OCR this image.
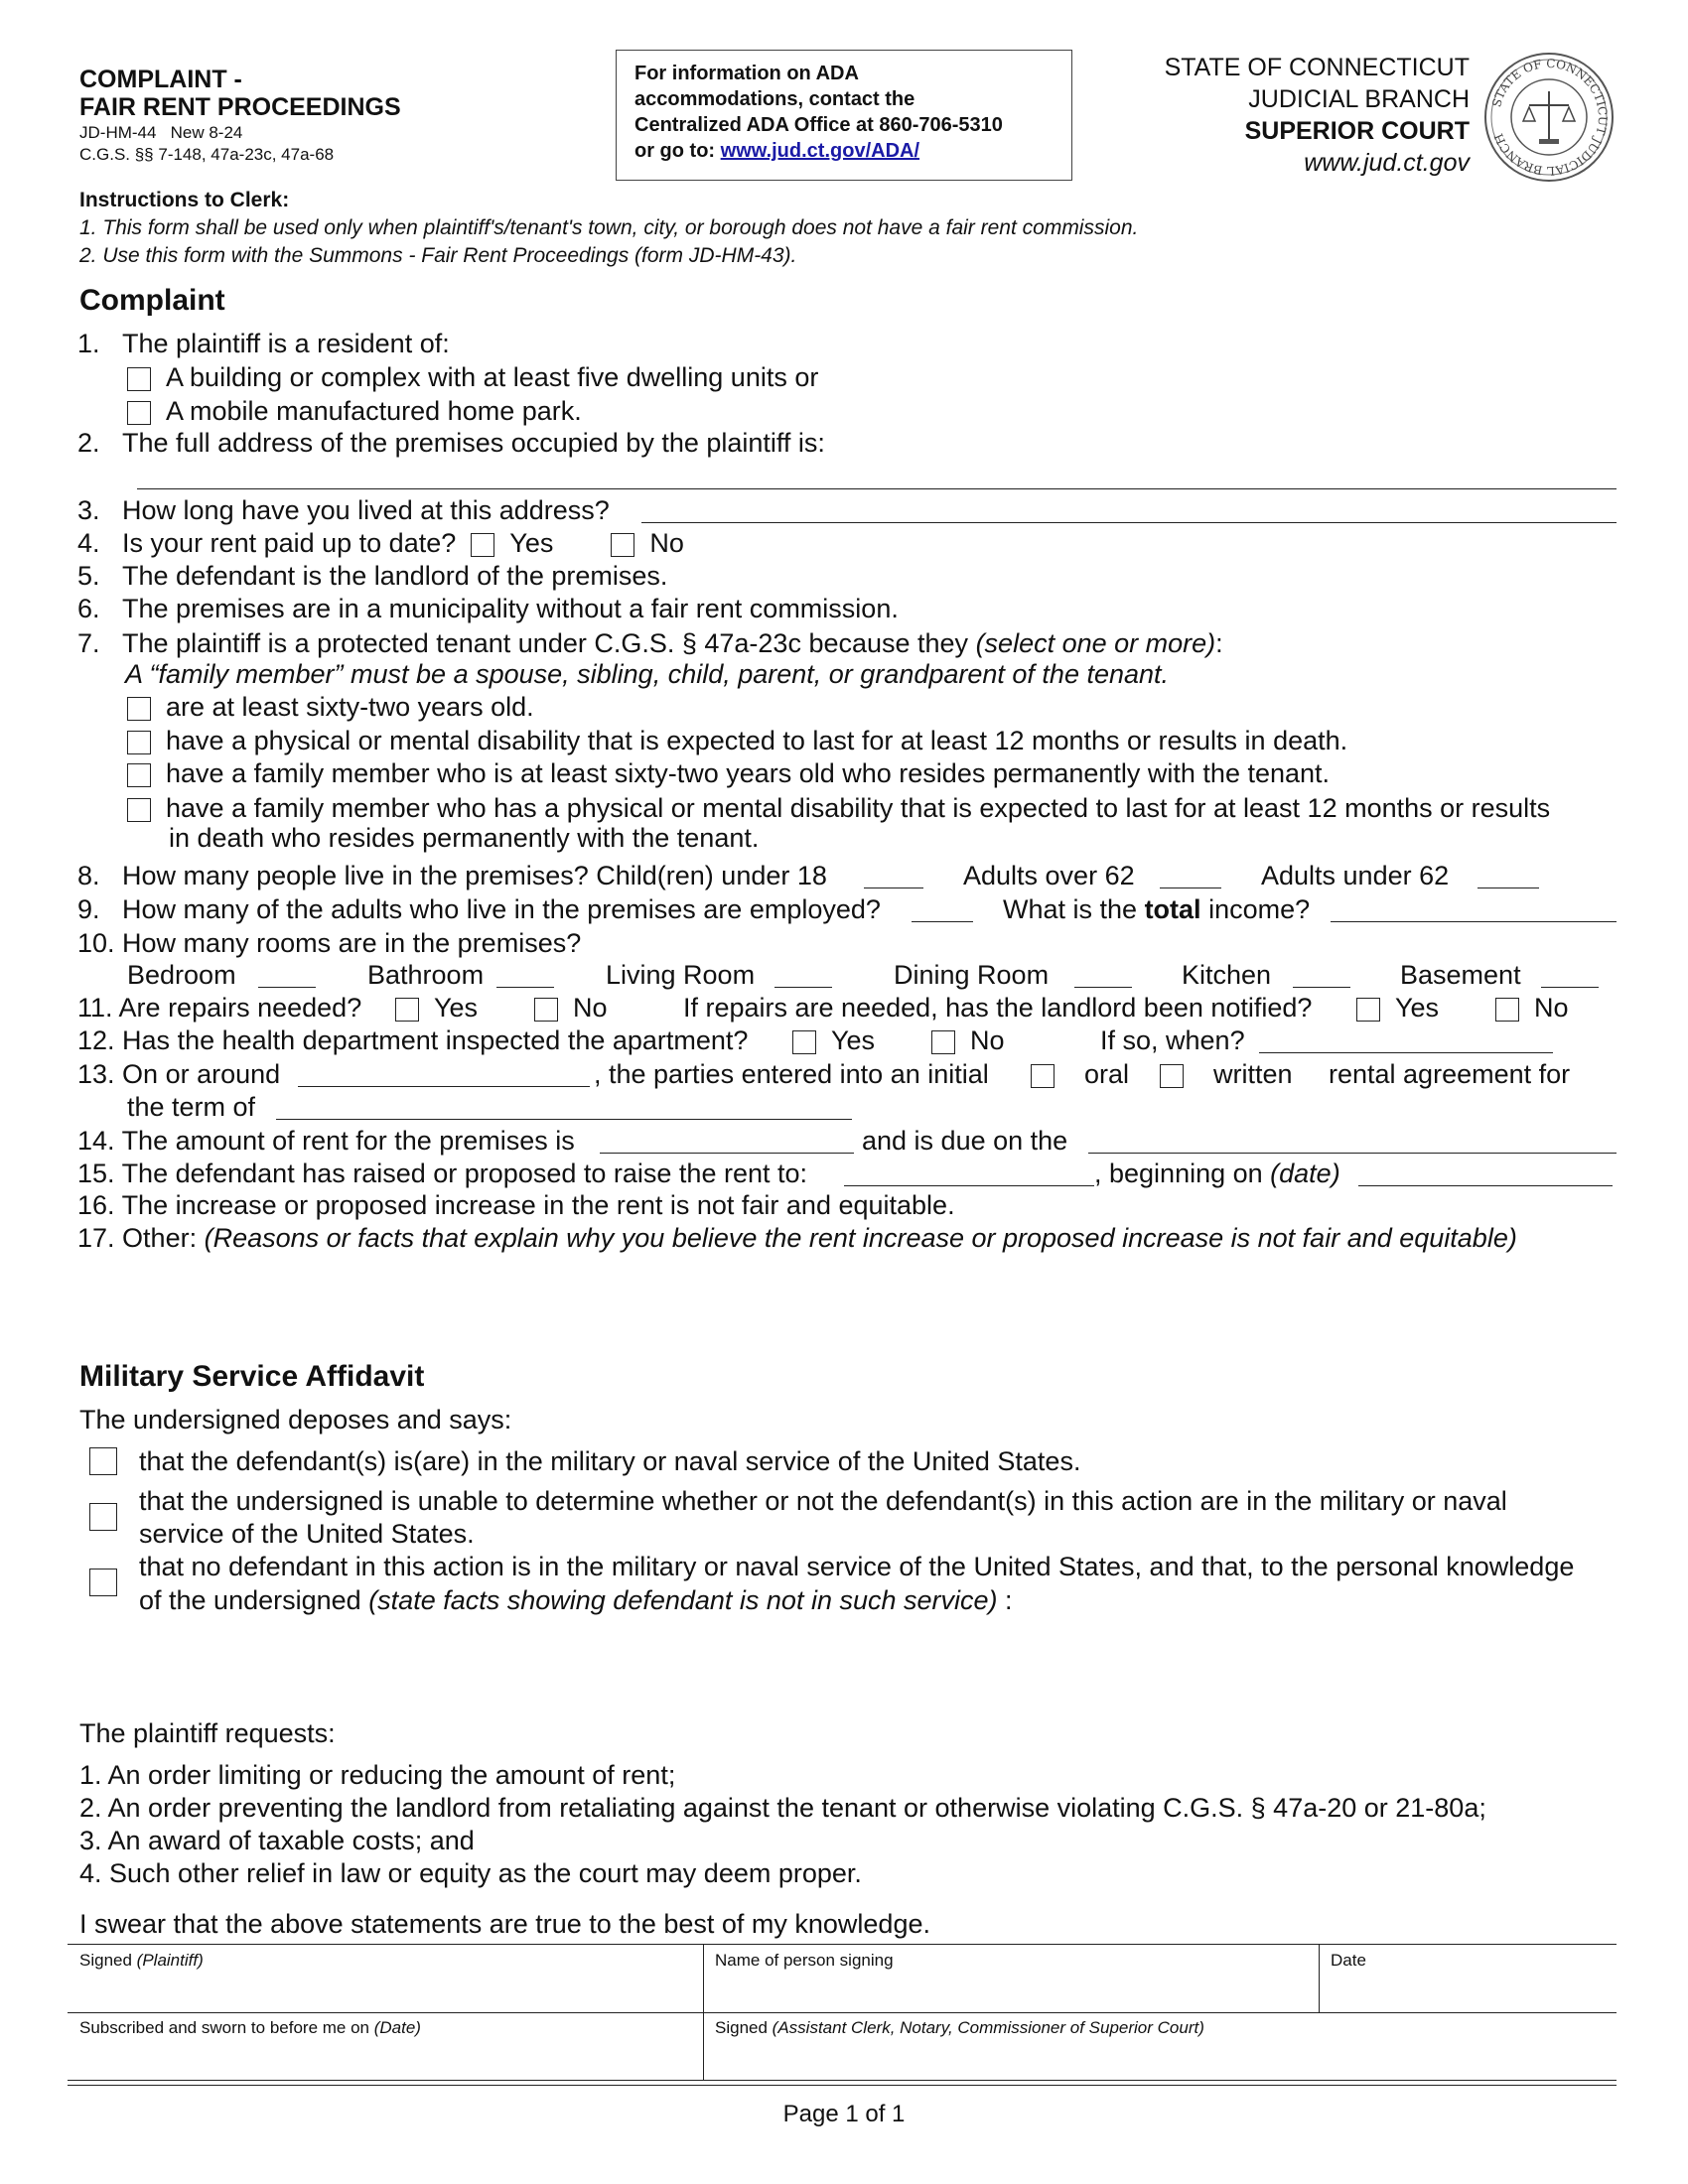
COMPLAINT -
FAIR RENT PROCEEDINGS
JD-HM-44   New 8-24
C.G.S. §§ 7-148, 47a-23c, 47a-68
For information on ADA
accommodations, contact the
Centralized ADA Office at 860-706-5310
or go to: www.jud.ct.gov/ADA/
STATE OF CONNECTICUT
JUDICIAL BRANCH
SUPERIOR COURT
www.jud.ct.gov
STATE OF CONNECTICUT JUDICIAL BRANCH
Instructions to Clerk:
1. This form shall be used only when plaintiff's/tenant's town, city, or borough does not have a fair rent commission.
2. Use this form with the Summons - Fair Rent Proceedings (form JD-HM-43).
Complaint
1.   The plaintiff is a resident of:
A building or complex with at least five dwelling units or
A mobile manufactured home park.
2.   The full address of the premises occupied by the plaintiff is:
3.   How long have you lived at this address?
4.   Is your rent paid up to date? Yes	No
5.   The defendant is the landlord of the premises.
6.   The premises are in a municipality without a fair rent commission.
7.   The plaintiff is a protected tenant under C.G.S. § 47a-23c because they (select one or more):
A “family member” must be a spouse, sibling, child, parent, or grandparent of the tenant.
are at least sixty-two years old.
have a physical or mental disability that is expected to last for at least 12 months or results in death.
have a family member who is at least sixty-two years old who resides permanently with the tenant.
have a family member who has a physical or mental disability that is expected to last for at least 12 months or results
in death who resides permanently with the tenant.
8.   How many people live in the premises? Child(ren) under 18	Adults over 62	Adults under 62
9.   How many of the adults who live in the premises are employed?	What is the total income?
10. How many rooms are in the premises?
Bedroom	Bathroom	Living Room	Dining Room	Kitchen	Basement
11. Are repairs needed?	Yes	No	If repairs are needed, has the landlord been notified?	Yes	No
12. Has the health department inspected the apartment?	Yes	No	If so, when?
13. On or around	, the parties entered into an initial	oral	written rental agreement for
the term of
14. The amount of rent for the premises is	and is due on the
15. The defendant has raised or proposed to raise the rent to:	, beginning on (date)
16. The increase or proposed increase in the rent is not fair and equitable.
17. Other: (Reasons or facts that explain why you believe the rent increase or proposed increase is not fair and equitable)
Military Service Affidavit
The undersigned deposes and says:
that the defendant(s) is(are) in the military or naval service of the United States.
that the undersigned is unable to determine whether or not the defendant(s) in this action are in the military or naval
service of the United States.
that no defendant in this action is in the military or naval service of the United States, and that, to the personal knowledge
of the undersigned (state facts showing defendant is not in such service) :
The plaintiff requests:
1. An order limiting or reducing the amount of rent;
2. An order preventing the landlord from retaliating against the tenant or otherwise violating C.G.S. § 47a-20 or 21-80a;
3. An award of taxable costs; and
4. Such other relief in law or equity as the court may deem proper.
I swear that the above statements are true to the best of my knowledge.
Signed (Plaintiff)	Name of person signing	Date
Subscribed and sworn to before me on (Date)	Signed (Assistant Clerk, Notary, Commissioner of Superior Court)
Page 1 of 1
